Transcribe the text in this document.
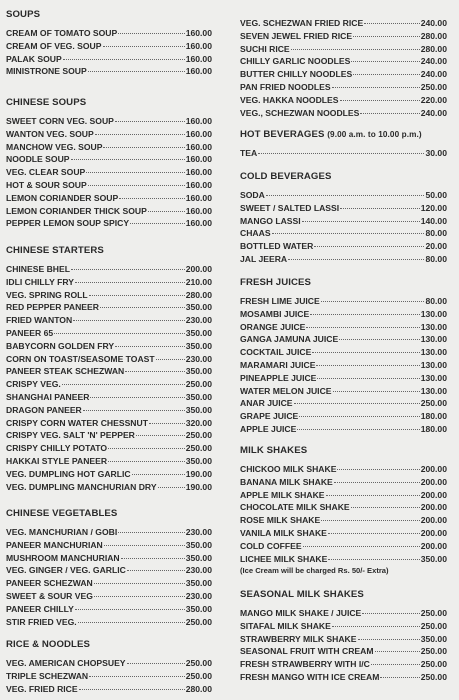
SOUPS
CREAM OF TOMATO SOUP	160.00
CREAM OF VEG. SOUP	160.00
PALAK SOUP	160.00
MINISTRONE SOUP	160.00
CHINESE SOUPS
SWEET CORN VEG. SOUP	160.00
WANTON VEG. SOUP	160.00
MANCHOW VEG. SOUP	160.00
NOODLE SOUP	160.00
VEG. CLEAR SOUP	160.00
HOT & SOUR SOUP	160.00
LEMON CORIANDER SOUP	160.00
LEMON CORIANDER THICK SOUP	160.00
PEPPER LEMON SOUP SPICY	160.00
CHINESE STARTERS
CHINESE BHEL	200.00
IDLI CHILLY FRY	210.00
VEG. SPRING ROLL	280.00
RED PEPPER PANEER	350.00
FRIED WANTON	230.00
PANEER 65	350.00
BABYCORN GOLDEN FRY	350.00
CORN ON TOAST/SEASOME TOAST	230.00
PANEER STEAK SCHEZWAN	350.00
CRISPY VEG.	250.00
SHANGHAI PANEER	350.00
DRAGON PANEER	350.00
CRISPY CORN WATER CHESSNUT	320.00
CRISPY VEG. SALT 'N' PEPPER	250.00
CRISPY CHILLY POTATO	250.00
HAKKAI STYLE PANEER	350.00
VEG. DUMPLING HOT GARLIC	190.00
VEG. DUMPLING MANCHURIAN DRY	190.00
CHINESE VEGETABLES
VEG. MANCHURIAN / GOBI	230.00
PANEER MANCHURIAN	350.00
MUSHROOM MANCHURIAN	350.00
VEG. GINGER / VEG. GARLIC	230.00
PANEER SCHEZWAN	350.00
SWEET & SOUR VEG	230.00
PANEER CHILLY	350.00
STIR FRIED VEG.	250.00
RICE & NOODLES
VEG. AMERICAN CHOPSUEY	250.00
TRIPLE SCHEZWAN	250.00
VEG. FRIED RICE	280.00
VEG. SCHEZWAN FRIED RICE	240.00
SEVEN JEWEL FRIED RICE	280.00
SUCHI RICE	280.00
CHILLY GARLIC NOODLES	240.00
BUTTER CHILLY NOODLES	240.00
PAN FRIED NOODLES	250.00
VEG. HAKKA NOODLES	220.00
VEG., SCHEZWAN NOODLES	240.00
HOT BEVERAGES (9.00 a.m. to 10.00 p.m.)
TEA	30.00
COLD BEVERAGES
SODA	50.00
SWEET / SALTED LASSI	120.00
MANGO LASSI	140.00
CHAAS	80.00
BOTTLED WATER	20.00
JAL JEERA	80.00
FRESH JUICES
FRESH LIME JUICE	80.00
MOSAMBI JUICE	130.00
ORANGE JUICE	130.00
GANGA JAMUNA JUICE	130.00
COCKTAIL JUICE	130.00
MARAMARI JUICE	130.00
PINEAPPLE JUICE	130.00
WATER MELON JUICE	130.00
ANAR JUICE	250.00
GRAPE JUICE	180.00
APPLE JUICE	180.00
MILK SHAKES
CHICKOO MILK SHAKE	200.00
BANANA MILK SHAKE	200.00
APPLE MILK SHAKE	200.00
CHOCOLATE MILK SHAKE	200.00
ROSE MILK SHAKE	200.00
VANILA MILK SHAKE	200.00
COLD COFFEE	200.00
LICHEE MILK SHAKE	350.00
(Ice Cream will be charged Rs. 50/- Extra)
SEASONAL MILK SHAKES
MANGO MILK SHAKE / JUICE	250.00
SITAFAL MILK SHAKE	250.00
STRAWBERRY MILK SHAKE	350.00
SEASONAL FRUIT WITH CREAM	250.00
FRESH STRAWBERRY WITH I/C	250.00
FRESH MANGO WITH ICE CREAM	250.00
